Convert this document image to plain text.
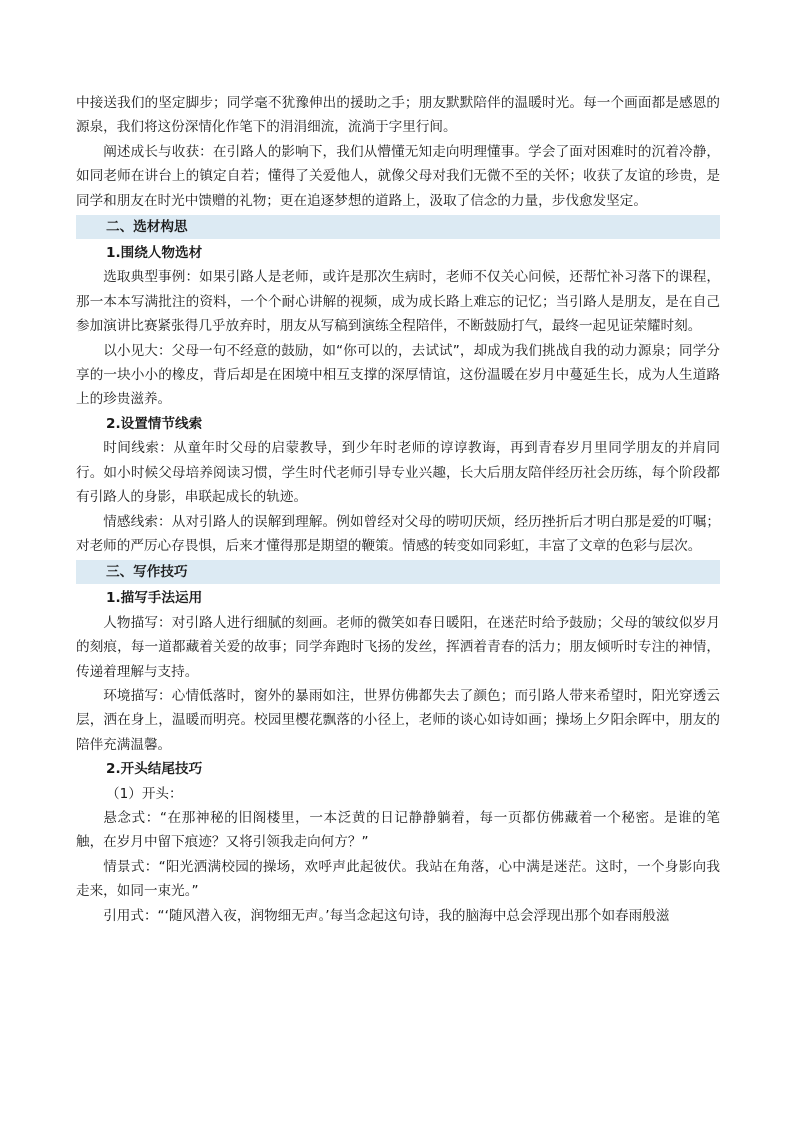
中接送我们的坚定脚步；同学毫不犹豫伸出的援助之手；朋友默默陪伴的温暖时光。每一个画面都是感恩的源泉，我们将这份深情化作笔下的涓涓细流，流淌于字里行间。

阐述成长与收获：在引路人的影响下，我们从懵懂无知走向明理懂事。学会了面对困难时的沉着冷静，如同老师在讲台上的镇定自若；懂得了关爱他人，就像父母对我们无微不至的关怀；收获了友谊的珍贵，是同学和朋友在时光中馈赠的礼物；更在追逐梦想的道路上，汲取了信念的力量，步伐愈发坚定。

二、选材构思
1.围绕人物选材

选取典型事例：如果引路人是老师，或许是那次生病时，老师不仅关心问候，还帮忙补习落下的课程，那一本本写满批注的资料，一个个耐心讲解的视频，成为成长路上难忘的记忆；当引路人是朋友，是在自己参加演讲比赛紧张得几乎放弃时，朋友从写稿到演练全程陪伴，不断鼓励打气，最终一起见证荣耀时刻。

以小见大：父母一句不经意的鼓励，如“你可以的，去试试”，却成为我们挑战自我的动力源泉；同学分享的一块小小的橡皮，背后却是在困境中相互支撑的深厚情谊，这份温暖在岁月中蔓延生长，成为人生道路上的珍贵滋养。

2.设置情节线索

时间线索：从童年时父母的启蒙教导，到少年时老师的谆谆教诲，再到青春岁月里同学朋友的并肩同行。如小时候父母培养阅读习惯，学生时代老师引导专业兴趣，长大后朋友陪伴经历社会历练，每个阶段都有引路人的身影，串联起成长的轨迹。

情感线索：从对引路人的误解到理解。例如曾经对父母的唠叨厌烦，经历挫折后才明白那是爱的叮嘱；对老师的严厉心存畏惧，后来才懂得那是期望的鞭策。情感的转变如同彩虹，丰富了文章的色彩与层次。

三、写作技巧
1.描写手法运用

人物描写：对引路人进行细腻的刻画。老师的微笑如春日暖阳，在迷茫时给予鼓励；父母的皱纹似岁月的刻痕，每一道都藏着关爱的故事；同学奔跑时飞扬的发丝，挥洒着青春的活力；朋友倾听时专注的神情，传递着理解与支持。

环境描写：心情低落时，窗外的暴雨如注，世界仿佛都失去了颜色；而引路人带来希望时，阳光穿透云层，洒在身上，温暖而明亮。校园里樱花飘落的小径上，老师的谈心如诗如画；操场上夕阳余晖中，朋友的陪伴充满温馨。

2.开头结尾技巧

（1）开头：

悬念式：“在那神秘的旧阁楼里，一本泛黄的日记静静躺着，每一页都仿佛藏着一个秘密。是谁的笔触，在岁月中留下痕迹？又将引领我走向何方？”

情景式：“阳光洒满校园的操场，欢呼声此起彼伏。我站在角落，心中满是迷茫。这时，一个身影向我走来，如同一束光。”

引用式：“‘随风潜入夜，润物细无声。’每当念起这句诗，我的脑海中总会浮现出那个如春雨般滋
